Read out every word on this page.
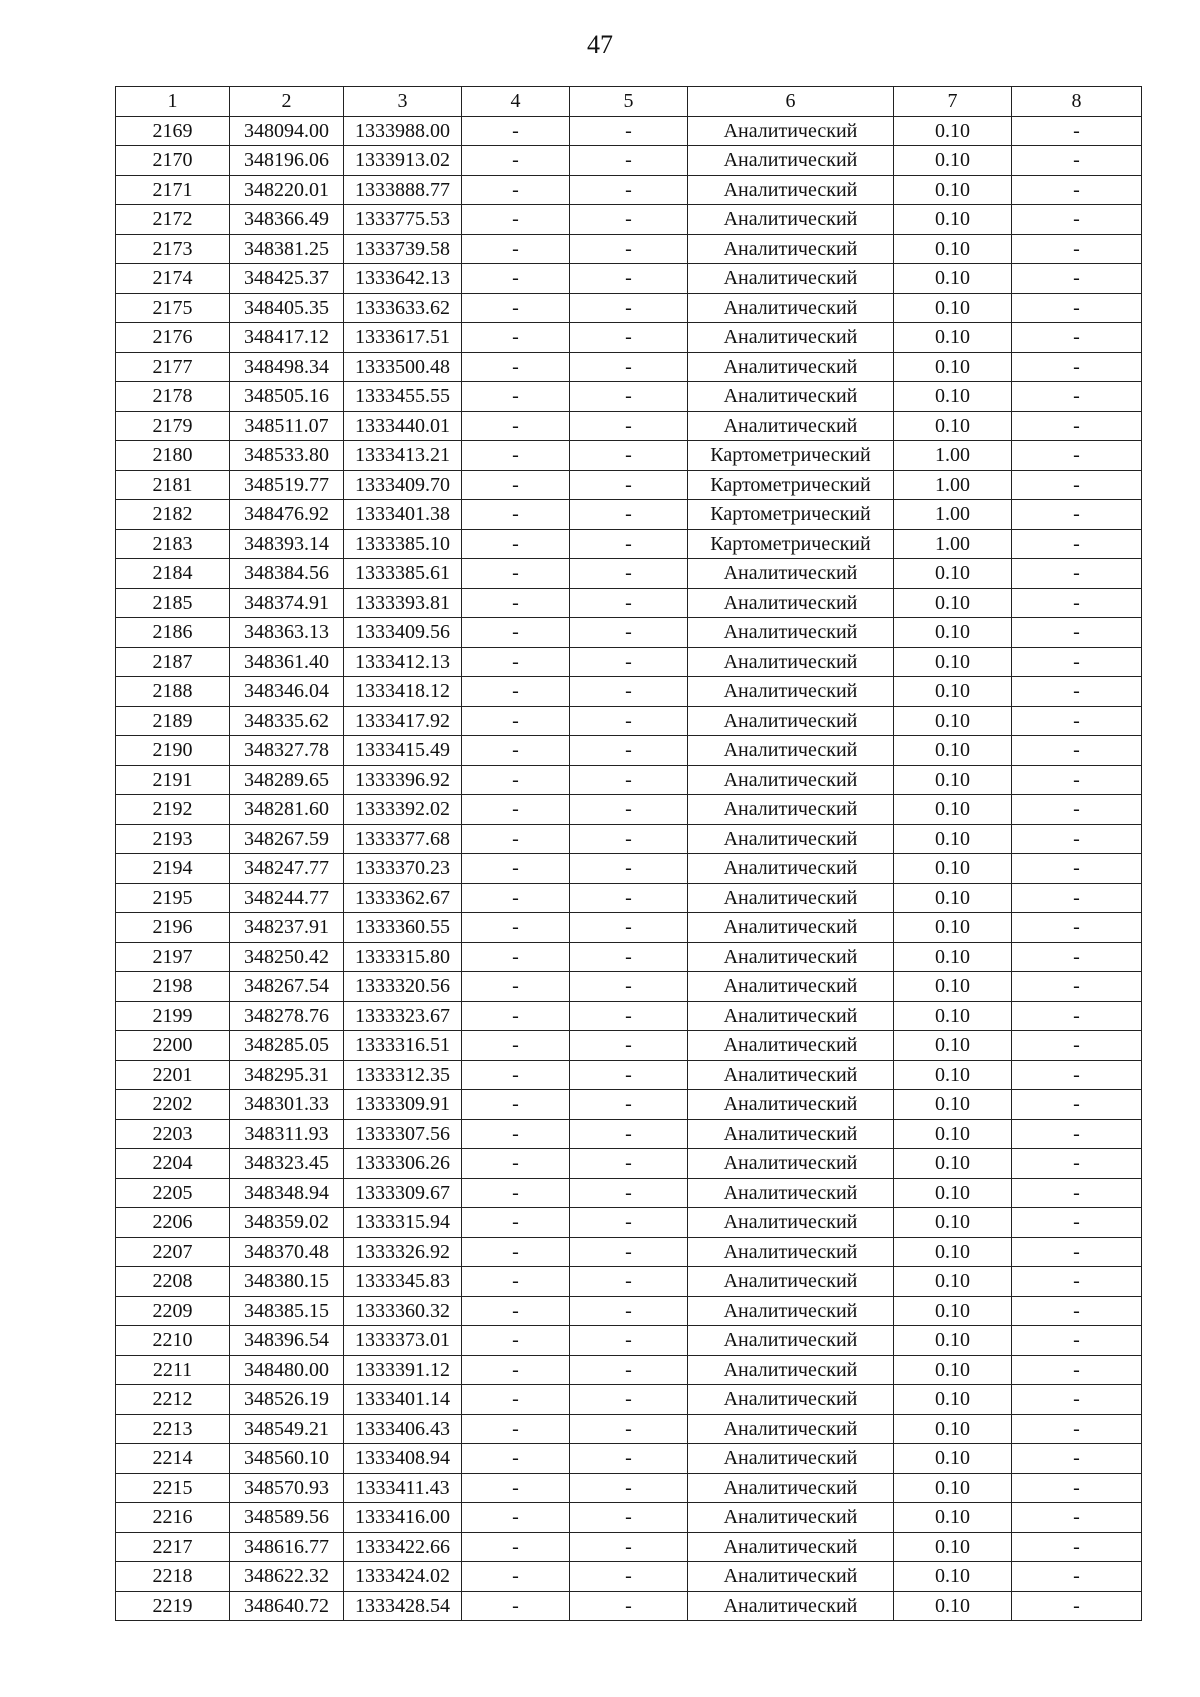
47
1	2	3	4	5	6	7	8
2169	348094.00	1333988.00	-	-	Аналитический	0.10	-
2170	348196.06	1333913.02	-	-	Аналитический	0.10	-
2171	348220.01	1333888.77	-	-	Аналитический	0.10	-
2172	348366.49	1333775.53	-	-	Аналитический	0.10	-
2173	348381.25	1333739.58	-	-	Аналитический	0.10	-
2174	348425.37	1333642.13	-	-	Аналитический	0.10	-
2175	348405.35	1333633.62	-	-	Аналитический	0.10	-
2176	348417.12	1333617.51	-	-	Аналитический	0.10	-
2177	348498.34	1333500.48	-	-	Аналитический	0.10	-
2178	348505.16	1333455.55	-	-	Аналитический	0.10	-
2179	348511.07	1333440.01	-	-	Аналитический	0.10	-
2180	348533.80	1333413.21	-	-	Картометрический	1.00	-
2181	348519.77	1333409.70	-	-	Картометрический	1.00	-
2182	348476.92	1333401.38	-	-	Картометрический	1.00	-
2183	348393.14	1333385.10	-	-	Картометрический	1.00	-
2184	348384.56	1333385.61	-	-	Аналитический	0.10	-
2185	348374.91	1333393.81	-	-	Аналитический	0.10	-
2186	348363.13	1333409.56	-	-	Аналитический	0.10	-
2187	348361.40	1333412.13	-	-	Аналитический	0.10	-
2188	348346.04	1333418.12	-	-	Аналитический	0.10	-
2189	348335.62	1333417.92	-	-	Аналитический	0.10	-
2190	348327.78	1333415.49	-	-	Аналитический	0.10	-
2191	348289.65	1333396.92	-	-	Аналитический	0.10	-
2192	348281.60	1333392.02	-	-	Аналитический	0.10	-
2193	348267.59	1333377.68	-	-	Аналитический	0.10	-
2194	348247.77	1333370.23	-	-	Аналитический	0.10	-
2195	348244.77	1333362.67	-	-	Аналитический	0.10	-
2196	348237.91	1333360.55	-	-	Аналитический	0.10	-
2197	348250.42	1333315.80	-	-	Аналитический	0.10	-
2198	348267.54	1333320.56	-	-	Аналитический	0.10	-
2199	348278.76	1333323.67	-	-	Аналитический	0.10	-
2200	348285.05	1333316.51	-	-	Аналитический	0.10	-
2201	348295.31	1333312.35	-	-	Аналитический	0.10	-
2202	348301.33	1333309.91	-	-	Аналитический	0.10	-
2203	348311.93	1333307.56	-	-	Аналитический	0.10	-
2204	348323.45	1333306.26	-	-	Аналитический	0.10	-
2205	348348.94	1333309.67	-	-	Аналитический	0.10	-
2206	348359.02	1333315.94	-	-	Аналитический	0.10	-
2207	348370.48	1333326.92	-	-	Аналитический	0.10	-
2208	348380.15	1333345.83	-	-	Аналитический	0.10	-
2209	348385.15	1333360.32	-	-	Аналитический	0.10	-
2210	348396.54	1333373.01	-	-	Аналитический	0.10	-
2211	348480.00	1333391.12	-	-	Аналитический	0.10	-
2212	348526.19	1333401.14	-	-	Аналитический	0.10	-
2213	348549.21	1333406.43	-	-	Аналитический	0.10	-
2214	348560.10	1333408.94	-	-	Аналитический	0.10	-
2215	348570.93	1333411.43	-	-	Аналитический	0.10	-
2216	348589.56	1333416.00	-	-	Аналитический	0.10	-
2217	348616.77	1333422.66	-	-	Аналитический	0.10	-
2218	348622.32	1333424.02	-	-	Аналитический	0.10	-
2219	348640.72	1333428.54	-	-	Аналитический	0.10	-
